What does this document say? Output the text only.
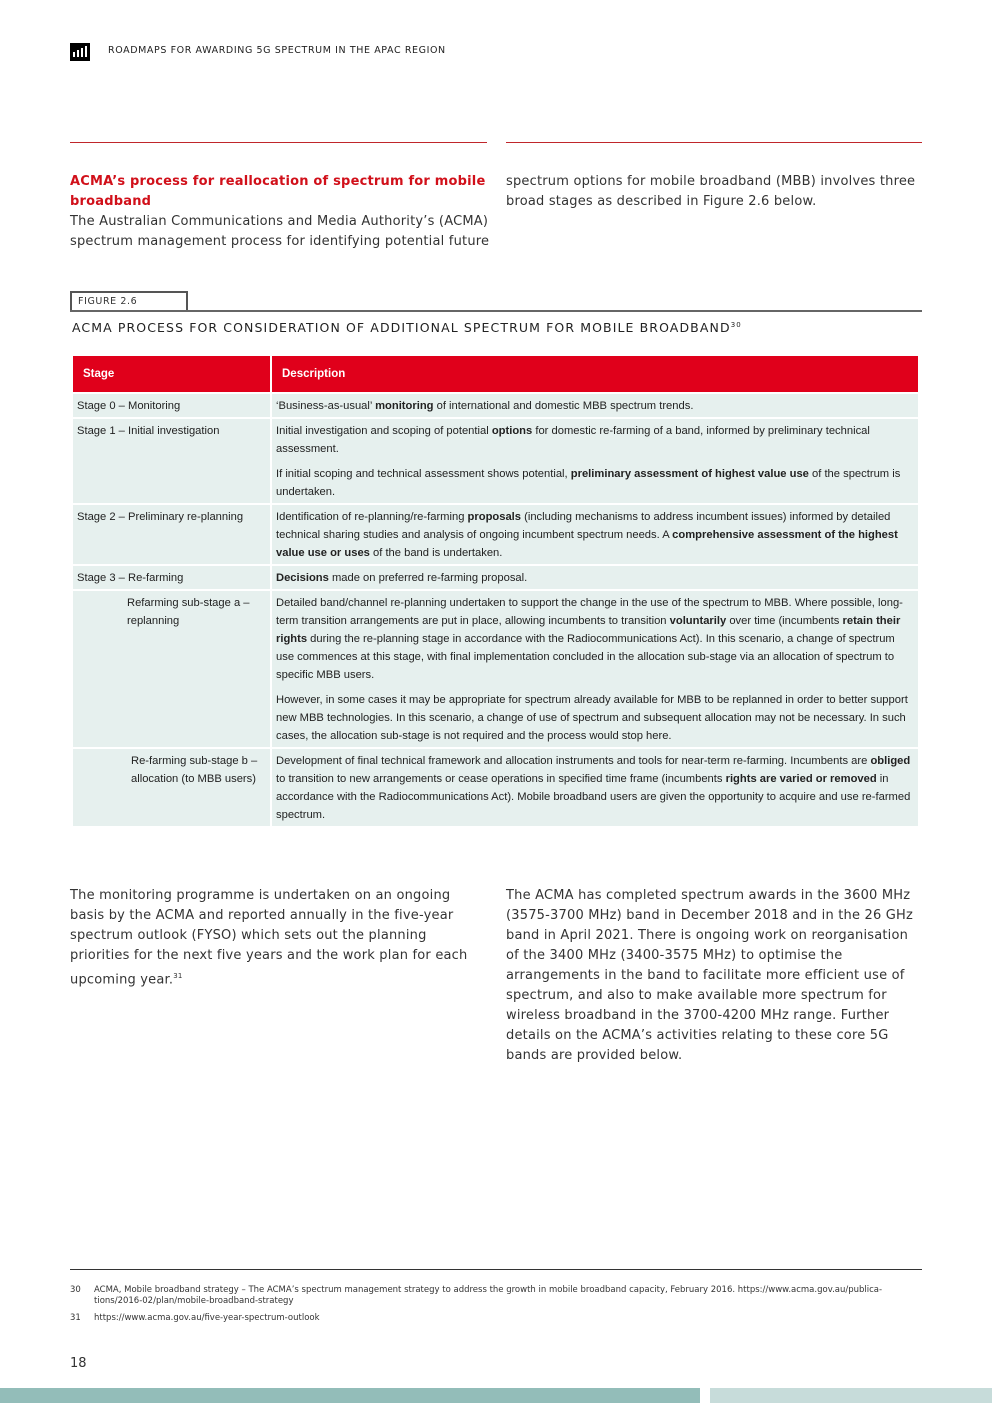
ROADMAPS FOR AWARDING 5G SPECTRUM IN THE APAC REGION
ACMA’s process for reallocation of spectrum for mobile broadband
The Australian Communications and Media Authority’s (ACMA) spectrum management process for identifying potential future
spectrum options for mobile broadband (MBB) involves three broad stages as described in Figure 2.6 below.
FIGURE 2.6
ACMA PROCESS FOR CONSIDERATION OF ADDITIONAL SPECTRUM FOR MOBILE BROADBAND$^{30}$
Stage	Description
Stage 0 – Monitoring	‘Business-as-usual’ monitoring of international and domestic MBB spectrum trends.

Stage 1 – Initial investigation	Initial investigation and scoping of potential options for domestic re-farming of a band, informed by preliminary technical assessment.

If initial scoping and technical assessment shows potential, preliminary assessment of highest value use of the spectrum is undertaken.

Stage 2 – Preliminary re-planning	Identification of re-planning/re-farming proposals (including mechanisms to address incumbent issues) informed by detailed technical sharing studies and analysis of ongoing incumbent spectrum needs. A comprehensive assessment of the highest value use or uses of the band is undertaken.

Stage 3 – Re-farming	Decisions made on preferred re-farming proposal.

Refarming sub-stage a – replanning	Detailed band/channel re-planning undertaken to support the change in the use of the spectrum to MBB. Where possible, long-term transition arrangements are put in place, allowing incumbents to transition voluntarily over time (incumbents retain their rights during the re-planning stage in accordance with the Radiocommunications Act). In this scenario, a change of spectrum use commences at this stage, with final implementation concluded in the allocation sub-stage via an allocation of spectrum to specific MBB users.

However, in some cases it may be appropriate for spectrum already available for MBB to be replanned in order to better support new MBB technologies. In this scenario, a change of use of spectrum and subsequent allocation may not be necessary. In such cases, the allocation sub-stage is not required and the process would stop here.

Re-farming sub-stage b – allocation (to MBB users)	Development of final technical framework and allocation instruments and tools for near-term re-farming. Incumbents are obliged to transition to new arrangements or cease operations in specified time frame (incumbents rights are varied or removed in accordance with the Radiocommunications Act). Mobile broadband users are given the opportunity to acquire and use re-farmed spectrum.

The monitoring programme is undertaken on an ongoing basis by the ACMA and reported annually in the five-year spectrum outlook (FYSO) which sets out the planning priorities for the next five years and the work plan for each upcoming year.$^{31}$
The ACMA has completed spectrum awards in the 3600 MHz (3575-3700 MHz) band in December 2018 and in the 26 GHz band in April 2021. There is ongoing work on reorganisation of the 3400 MHz (3400-3575 MHz) to optimise the arrangements in the band to facilitate more efficient use of spectrum, and also to make available more spectrum for wireless broadband in the 3700-4200 MHz range. Further details on the ACMA’s activities relating to these core 5G bands are provided below.
30 ACMA, Mobile broadband strategy – The ACMA’s spectrum management strategy to address the growth in mobile broadband capacity, February 2016. https://www.acma.gov.au/publica-tions/2016-02/plan/mobile-broadband-strategy
31 https://www.acma.gov.au/five-year-spectrum-outlook
18
